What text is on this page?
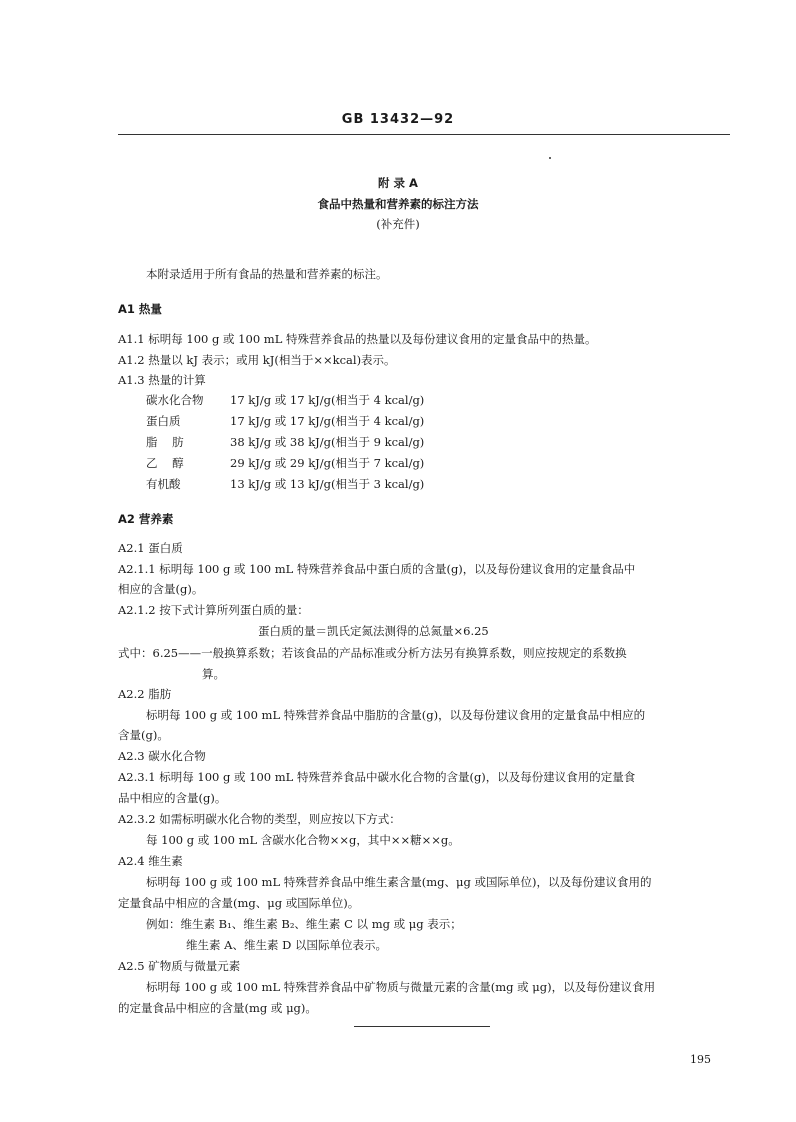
GB 13432—92
附 录 A
食品中热量和营养素的标注方法
(补充件)
本附录适用于所有食品的热量和营养素的标注。
A1 热量
A1.1 标明每 100 g 或 100 mL 特殊营养食品的热量以及每份建议食用的定量食品中的热量。
A1.2 热量以 kJ 表示；或用 kJ(相当于××kcal)表示。
A1.3 热量的计算
碳水化合物 17 kJ/g 或 17 kJ/g(相当于 4 kcal/g)
蛋白质	17 kJ/g 或 17 kJ/g(相当于 4 kcal/g)
脂    肪	38 kJ/g 或 38 kJ/g(相当于 9 kcal/g)
乙    醇	29 kJ/g 或 29 kJ/g(相当于 7 kcal/g)
有机酸	13 kJ/g 或 13 kJ/g(相当于 3 kcal/g)
A2 营养素
A2.1 蛋白质
A2.1.1 标明每 100 g 或 100 mL 特殊营养食品中蛋白质的含量(g)，以及每份建议食用的定量食品中
相应的含量(g)。
A2.1.2 按下式计算所列蛋白质的量：
蛋白质的量＝凯氏定氮法测得的总氮量×6.25
式中：6.25——一般换算系数；若该食品的产品标准或分析方法另有换算系数，则应按规定的系数换
算。
A2.2 脂肪
标明每 100 g 或 100 mL 特殊营养食品中脂肪的含量(g)，以及每份建议食用的定量食品中相应的
含量(g)。
A2.3 碳水化合物
A2.3.1 标明每 100 g 或 100 mL 特殊营养食品中碳水化合物的含量(g)，以及每份建议食用的定量食
品中相应的含量(g)。
A2.3.2 如需标明碳水化合物的类型，则应按以下方式：
每 100 g 或 100 mL 含碳水化合物××g，其中××糖××g。
A2.4 维生素
标明每 100 g 或 100 mL 特殊营养食品中维生素含量(mg、μg 或国际单位)，以及每份建议食用的
定量食品中相应的含量(mg、μg 或国际单位)。
例如：维生素 B₁、维生素 B₂、维生素 C 以 mg 或 μg 表示；
维生素 A、维生素 D 以国际单位表示。
A2.5 矿物质与微量元素
标明每 100 g 或 100 mL 特殊营养食品中矿物质与微量元素的含量(mg 或 μg)，以及每份建议食用
的定量食品中相应的含量(mg 或 μg)。
195
